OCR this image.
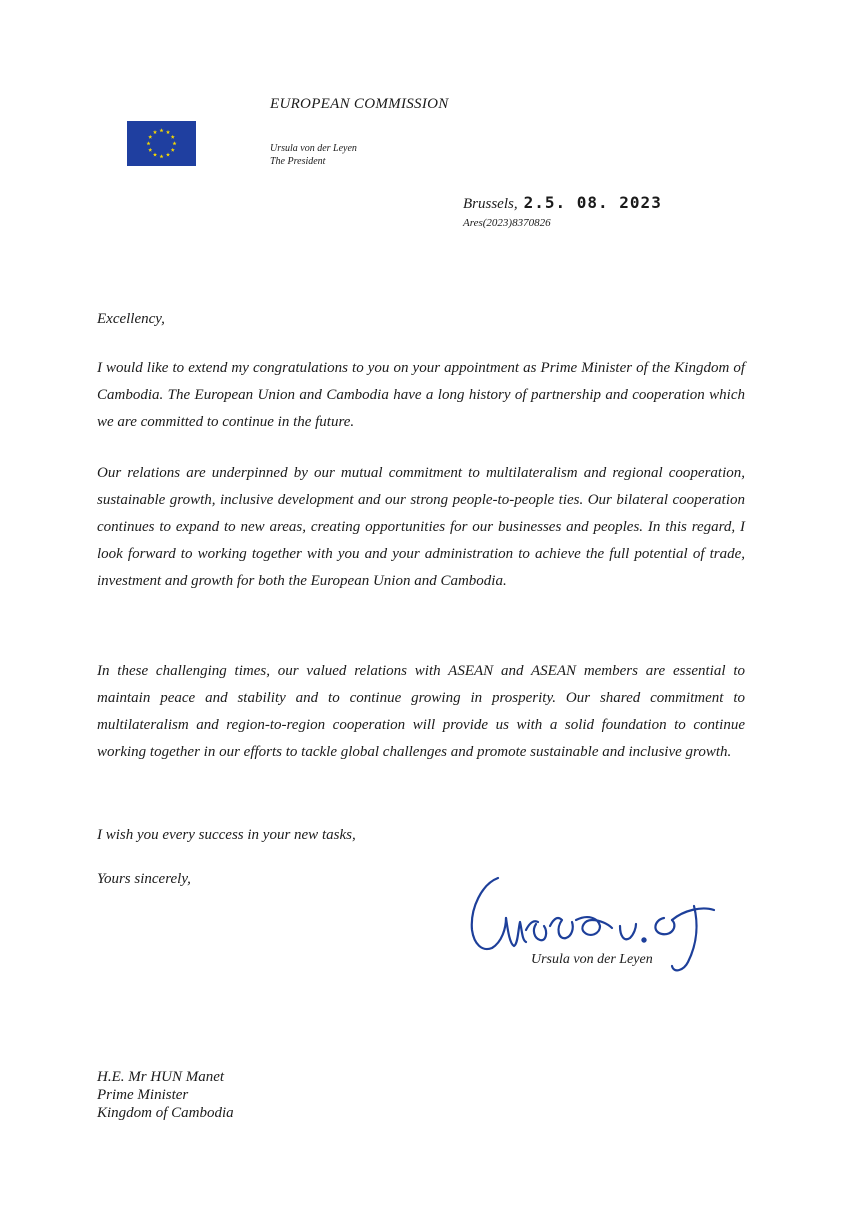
EUROPEAN COMMISSION
Ursula von der Leyen
The President
Brussels, 2.5. 08. 2023
Ares(2023)8370826
Excellency,
I would like to extend my congratulations to you on your appointment as Prime Minister of the Kingdom of Cambodia. The European Union and Cambodia have a long history of partnership and cooperation which we are committed to continue in the future.
Our relations are underpinned by our mutual commitment to multilateralism and regional cooperation, sustainable growth, inclusive development and our strong people-to-people ties. Our bilateral cooperation continues to expand to new areas, creating opportunities for our businesses and peoples. In this regard, I look forward to working together with you and your administration to achieve the full potential of trade, investment and growth for both the European Union and Cambodia.
In these challenging times, our valued relations with ASEAN and ASEAN members are essential to maintain peace and stability and to continue growing in prosperity. Our shared commitment to multilateralism and region-to-region cooperation will provide us with a solid foundation to continue working together in our efforts to tackle global challenges and promote sustainable and inclusive growth.
I wish you every success in your new tasks,
Yours sincerely,
Ursula von der Leyen
H.E. Mr HUN Manet
Prime Minister
Kingdom of Cambodia
